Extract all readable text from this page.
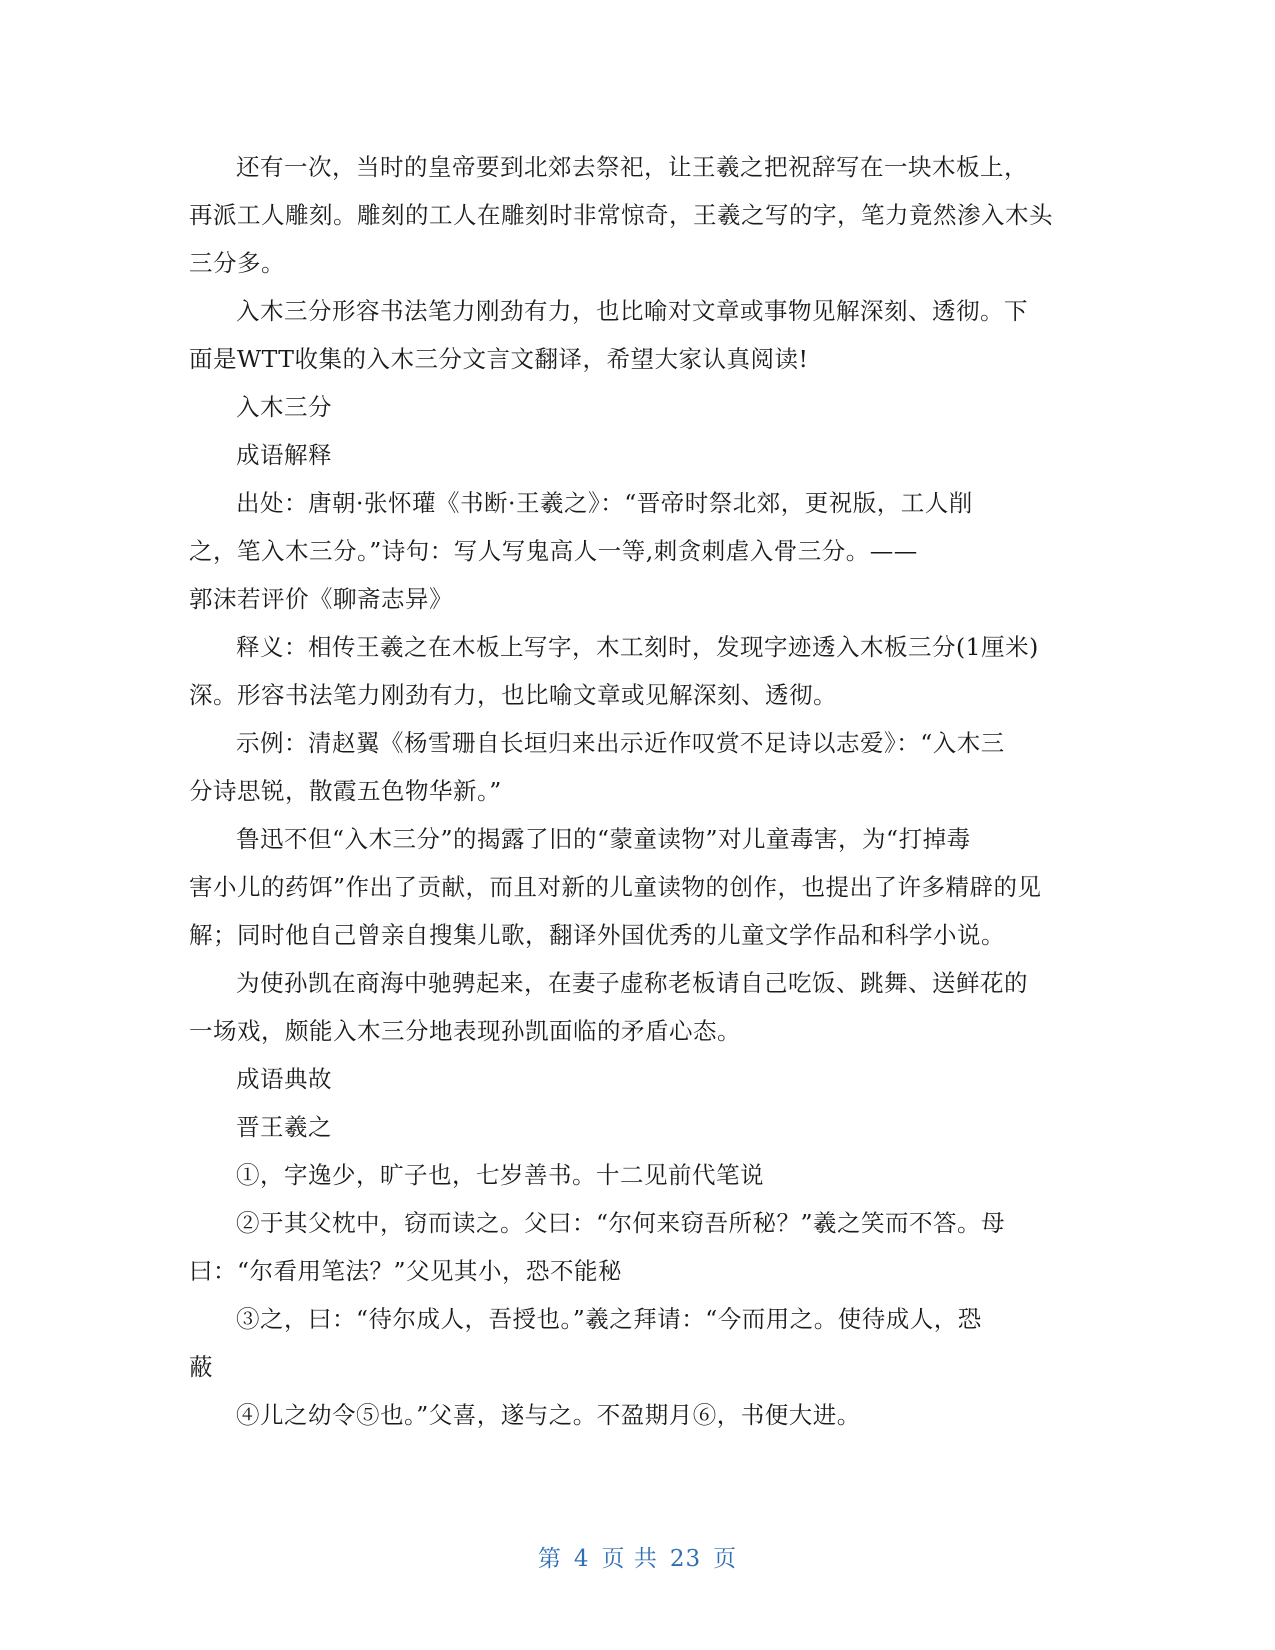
还有一次，当时的皇帝要到北郊去祭祀，让王羲之把祝辞写在一块木板上，
再派工人雕刻。雕刻的工人在雕刻时非常惊奇，王羲之写的字，笔力竟然渗入木头
三分多。

入木三分形容书法笔力刚劲有力，也比喻对文章或事物见解深刻、透彻。下
面是WTT收集的入木三分文言文翻译，希望大家认真阅读!

入木三分

成语解释

出处：唐朝·张怀瓘《书断·王羲之》：“晋帝时祭北郊，更祝版，工人削
之，笔入木三分。”诗句：写人写鬼高人一等,刺贪刺虐入骨三分。——
郭沫若评价《聊斋志异》

释义：相传王羲之在木板上写字，木工刻时，发现字迹透入木板三分(1厘米)
深。形容书法笔力刚劲有力，也比喻文章或见解深刻、透彻。

示例：清赵翼《杨雪珊自长垣归来出示近作叹赏不足诗以志爱》：“入木三
分诗思锐，散霞五色物华新。”

鲁迅不但“入木三分”的揭露了旧的“蒙童读物”对儿童毒害，为“打掉毒
害小儿的药饵”作出了贡献，而且对新的儿童读物的创作，也提出了许多精辟的见
解；同时他自己曾亲自搜集儿歌，翻译外国优秀的儿童文学作品和科学小说。

为使孙凯在商海中驰骋起来，在妻子虚称老板请自己吃饭、跳舞、送鲜花的
一场戏，颇能入木三分地表现孙凯面临的矛盾心态。

成语典故

晋王羲之

①，字逸少，旷子也，七岁善书。十二见前代笔说

②于其父枕中，窃而读之。父曰：“尔何来窃吾所秘？”羲之笑而不答。母
曰：“尔看用笔法？”父见其小，恐不能秘

③之，曰：“待尔成人，吾授也。”羲之拜请：“今而用之。使待成人，恐
蔽

④儿之幼令⑤也。”父喜，遂与之。不盈期月⑥，书便大进。

第 4 页 共 23 页
